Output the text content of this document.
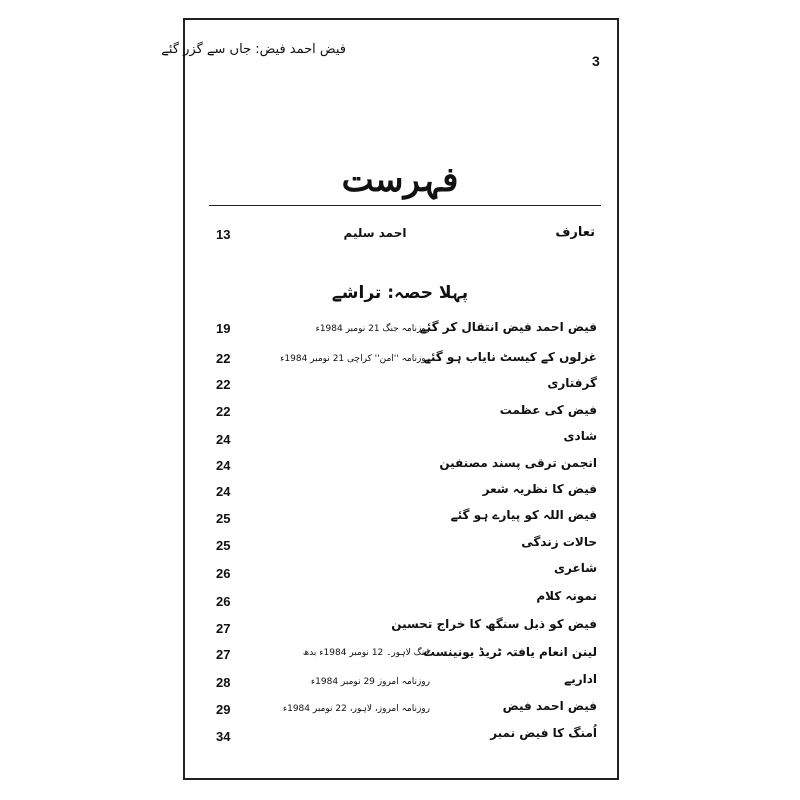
فیض احمد فیض: جاں سے گزر گئے
3
فہرست
تعارف
احمد سلیم
13
پہلا حصہ: تراشے
فیض احمد فیض انتقال کر گئے
روزنامہ جنگ 21 نومبر 1984ء
19
غزلوں کے کیسٹ نایاب ہو گئے
روزنامہ ''امن'' کراچی 21 نومبر 1984ء
22
گرفتاری
22
فیض کی عظمت
22
شادی
24
انجمن ترقی پسند مصنفین
24
فیض کا نظریہ شعر
24
فیض اللہ کو پیارے ہو گئے
25
حالات زندگی
25
شاعری
26
نمونہ کلام
26
فیض کو ذیل سنگھ کا خراج تحسین
27
لینن انعام یافتہ ٹریڈ یونینسٹ
جنگ لاہور۔ 12 نومبر 1984ء بدھ
27
اداریے
روزنامہ امروز 29 نومبر 1984ء
28
فیض احمد فیض
روزنامہ امروز، لاہور، 22 نومبر 1984ء
29
اُمنگ کا فیض نمبر
34
